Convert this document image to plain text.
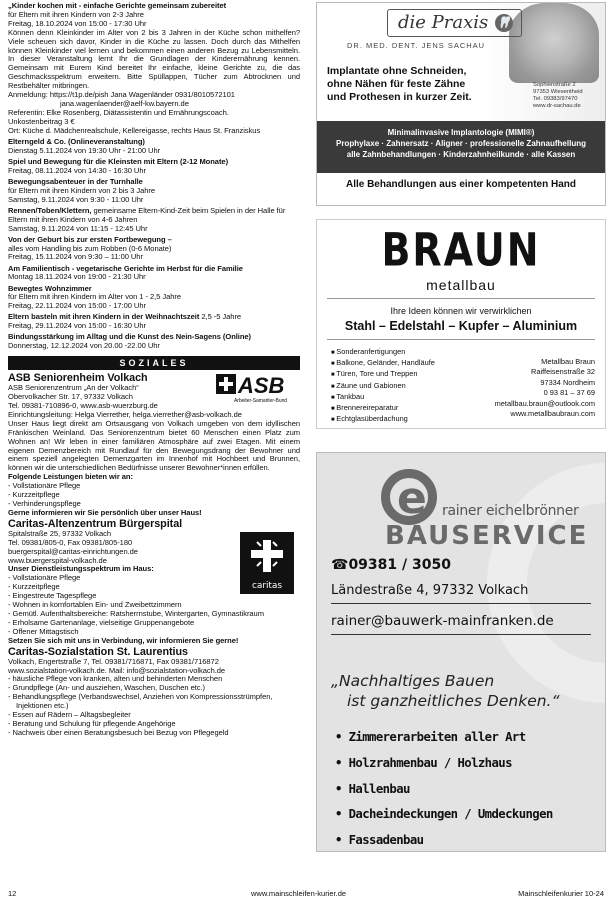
„Kinder kochen mit - einfache Gerichte gemeinsam zubereitet

für Eltern mit ihren Kindern von 2-3 Jahre

Freitag, 18.10.2024 von 15:00 - 17:30 Uhr

Können denn Kleinkinder im Alter von 2 bis 3 Jahren in der Küche schon mithelfen? Viele scheuen sich davor, Kinder in die Küche zu lassen. Doch durch das Mithelfen können Kleinkinder viel lernen und bekommen einen anderen Bezug zu Lebensmitteln. In dieser Veranstaltung lernt Ihr die Grundlagen der Kinderernährung kennen. Gemeinsam mit Eurem Kind bereitet Ihr einfache, kleine Gerichte zu, die das Geschmacksspektrum erweitern. Bitte Spüllappen, Tücher zum Abtrocknen und Restbehälter mitbringen.

Anmeldung: https://t1p.de/pish Jana Wagenländer 0931/8010572101

jana.wagenlaender@aelf-kw.bayern.de

Referentin: Elke Rosenberg, Diätassistentin und Ernährungscoach.

Unkostenbeitrag 3 €

Ort: Küche d. Mädchenrealschule, Kellereigasse, rechts Haus St. Franziskus

Elterngeld & Co. (Onlineveranstaltung)

Dienstag 5.11.2024 von 19:30 Uhr - 21:00 Uhr

Spiel und Bewegung für die Kleinsten mit Eltern (2-12 Monate)

Freitag, 08.11.2024 von 14:30 - 16:30 Uhr

Bewegungsabenteuer in der Turnhalle

für Eltern mit ihren Kindern von 2 bis 3 Jahre

Samstag, 9.11.2024 von 9:30 - 11:00 Uhr

Rennen/Toben/Klettern, gemeinsame Eltern-Kind-Zeit beim Spielen in der Halle für Eltern mit ihren Kindern von 4-6 Jahren

Samstag, 9.11.2024 von 11:15 - 12:45 Uhr

Von der Geburt bis zur ersten Fortbewegung –

alles vom Handling bis zum Robben (0-6 Monate)

Freitag, 15.11.2024 von 9:30 – 11:00 Uhr

Am Familientisch - vegetarische Gerichte im Herbst für die Familie

Montag 18.11.2024 von 19:00 - 21:30 Uhr

Bewegtes Wohnzimmer

für Eltern mit ihren Kindern im Alter von 1 - 2,5 Jahre

Freitag, 22.11.2024 von 15:00 - 17:00 Uhr

Eltern basteln mit ihren Kindern in der Weihnachtszeit 2,5 -5 Jahre

Freitag, 29.11.2024 von 15:00 - 16:30 Uhr

Bindungsstärkung im Alltag und die Kunst des Nein-Sagens (Online)

Donnerstag, 12.12.2024 von 20.00 -22.00 Uhr

SOZIALES

ASB Seniorenheim Volkach	ASB
Arbeiter-Samariter-Bund

ASB Seniorenzentrum „An der Volkach“

Obervolkacher Str. 17, 97332 Volkach

Tel. 09381-710896-0, www.asb-wuerzburg.de

Einrichtungsleitung: Helga Vierrether, helga.vierrether@asb-volkach.de

Unser Haus liegt direkt am Ortsausgang von Volkach umgeben von dem idyllischen Fränkischen Weinland. Das Seniorenzentrum bietet 60 Menschen einen Platz zum Wohnen an! Wir leben in einer familiären Atmosphäre auf zwei Etagen. Mit einem eigenen Demenzbereich mit Rundlauf für den Bewegungsdrang der Bewohner und einem speziell angelegten Demenzgarten im Innenhof mit Hochbeet und Brunnen, können wir die unterschiedlichen Bedürfnisse unserer Bewohner*innen erfüllen.

Folgende Leistungen bieten wir an:

- Vollstationäre Pflege

- Kurzzeitpflege

- Verhinderungspflege

Gerne informieren wir Sie persönlich über unser Haus!

Caritas-Altenzentrum Bürgerspital

caritas

Spitalstraße 25, 97332 Volkach

Tel. 09381/805-0, Fax 09381/805-180

buergerspital@caritas-einrichtungen.de

www.buergerspital-volkach.de

Unser Dienstleistungsspektrum im Haus:

- Vollstationäre Pflege

- Kurzzeitpflege

- Eingestreute Tagespflege

- Wohnen in komfortablen Ein- und Zweibettzimmern

- Gemütl. Aufenthaltsbereiche: Ratsherrnstube, Wintergarten, Gymnastikraum

- Erholsame Gartenanlage, vielseitige Gruppenangebote

- Offener Mittagstisch

Setzen Sie sich mit uns in Verbindung, wir informieren Sie gerne!

Caritas-Sozialstation St. Laurentius

Volkach, Engertstraße 7, Tel. 09381/716871, Fax 09381/716872

www.sozialstation-volkach.de. Mail: info@sozialstation-volkach.de

- häusliche Pflege von kranken, alten und behinderten Menschen

- Grundpflege (An- und ausziehen, Waschen, Duschen etc.)

- Behandlungspflege (Verbandswechsel, Anziehen von Kompressionsstrümpfen, Injektionen etc.)

- Essen auf Rädern – Alltagsbegleiter

- Beratung und Schulung für pflegende Angehörige

- Nachweis über einen Beratungsbesuch bei Bezug von Pflegegeld

die Praxis 🦷
DR. MED. DENT. JENS SACHAU
Implantate ohne Schneiden,
ohne Nähen für feste Zähne
und Prothesen in kurzer Zeit.
Sophienstraße 2
97353 Wiesentheid
Tel. 09383/97470
www.dr-sachau.de
Minimalinvasive Implantologie (MIMI®)
Prophylaxe · Zahnersatz · Aligner · professionelle Zahnaufhellung
alle Zahnbehandlungen · Kinderzahnheilkunde · alle Kassen
Alle Behandlungen aus einer kompetenten Hand
BRAUN
metallbau
Ihre Ideen können wir verwirklichen
Stahl – Edelstahl – Kupfer – Aluminium
■ Sonderanfertigungen
■ Balkone, Geländer, Handläufe
■ Türen, Tore und Treppen
■ Zäune und Gabionen
■ Tankbau
■ Brennereireparatur
■ Echtglasüberdachung
Metallbau Braun
Raiffeisenstraße 32
97334 Nordheim
0 93 81 – 37 69
metallbau.braun@outlook.com
www.metallbaubraun.com
e rainer eichelbrönner
BAUSERVICE
☎09381 / 3050
Ländestraße 4, 97332 Volkach
rainer@bauwerk-mainfranken.de
„Nachhaltiges Bauen
ist ganzheitliches Denken.“
• Zimmererarbeiten aller Art
• Holzrahmenbau / Holzhaus
• Hallenbau
• Dacheindeckungen / Umdeckungen
• Fassadenbau
12	www.mainschleifen-kurier.de	Mainschleifenkurier 10-24
